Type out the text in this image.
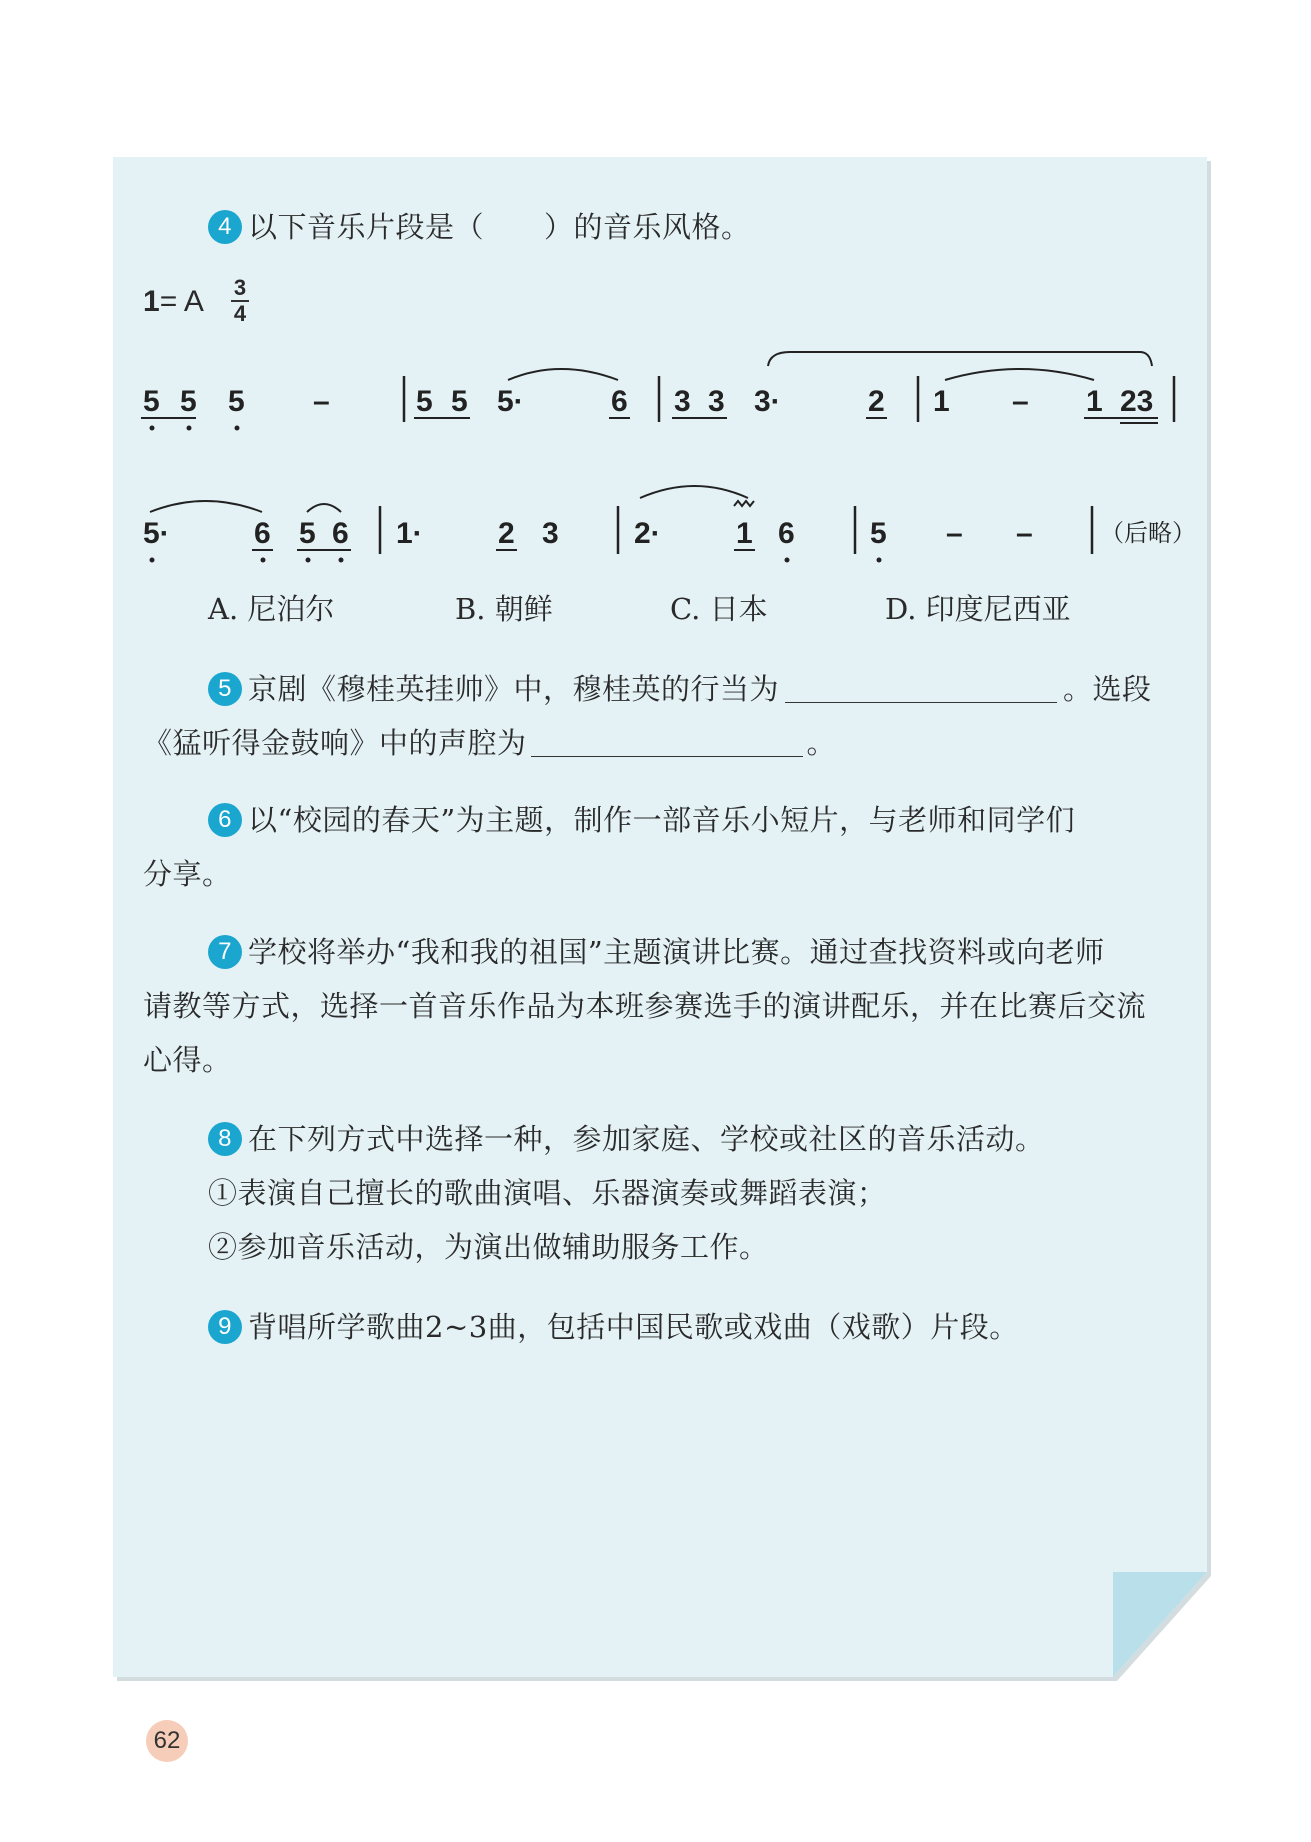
4 以下音乐片段是（ ）的音乐风格。
1= A 3
4
5 5 5 –	5 5 5·	6 3 3 3·	2 1 – 1 23
5·	6 5 6 1·	2 3	2·	1 6	5 – –	（后略）
A. 尼泊尔	B. 朝鲜	C. 日本	D. 印度尼西亚
5 京剧《穆桂英挂帅》中，穆桂英的行当为	。选段
《猛听得金鼓响》中的声腔为	。
6 以“校园的春天”为主题，制作一部音乐小短片，与老师和同学们
分享。
7 学校将举办“我和我的祖国”主题演讲比赛。通过查找资料或向老师
请教等方式，选择一首音乐作品为本班参赛选手的演讲配乐，并在比赛后交流
心得。
8 在下列方式中选择一种，参加家庭、学校或社区的音乐活动。
①表演自己擅长的歌曲演唱、乐器演奏或舞蹈表演；
②参加音乐活动，为演出做辅助服务工作。
9 背唱所学歌曲2~3曲，包括中国民歌或戏曲（戏歌）片段。
62
